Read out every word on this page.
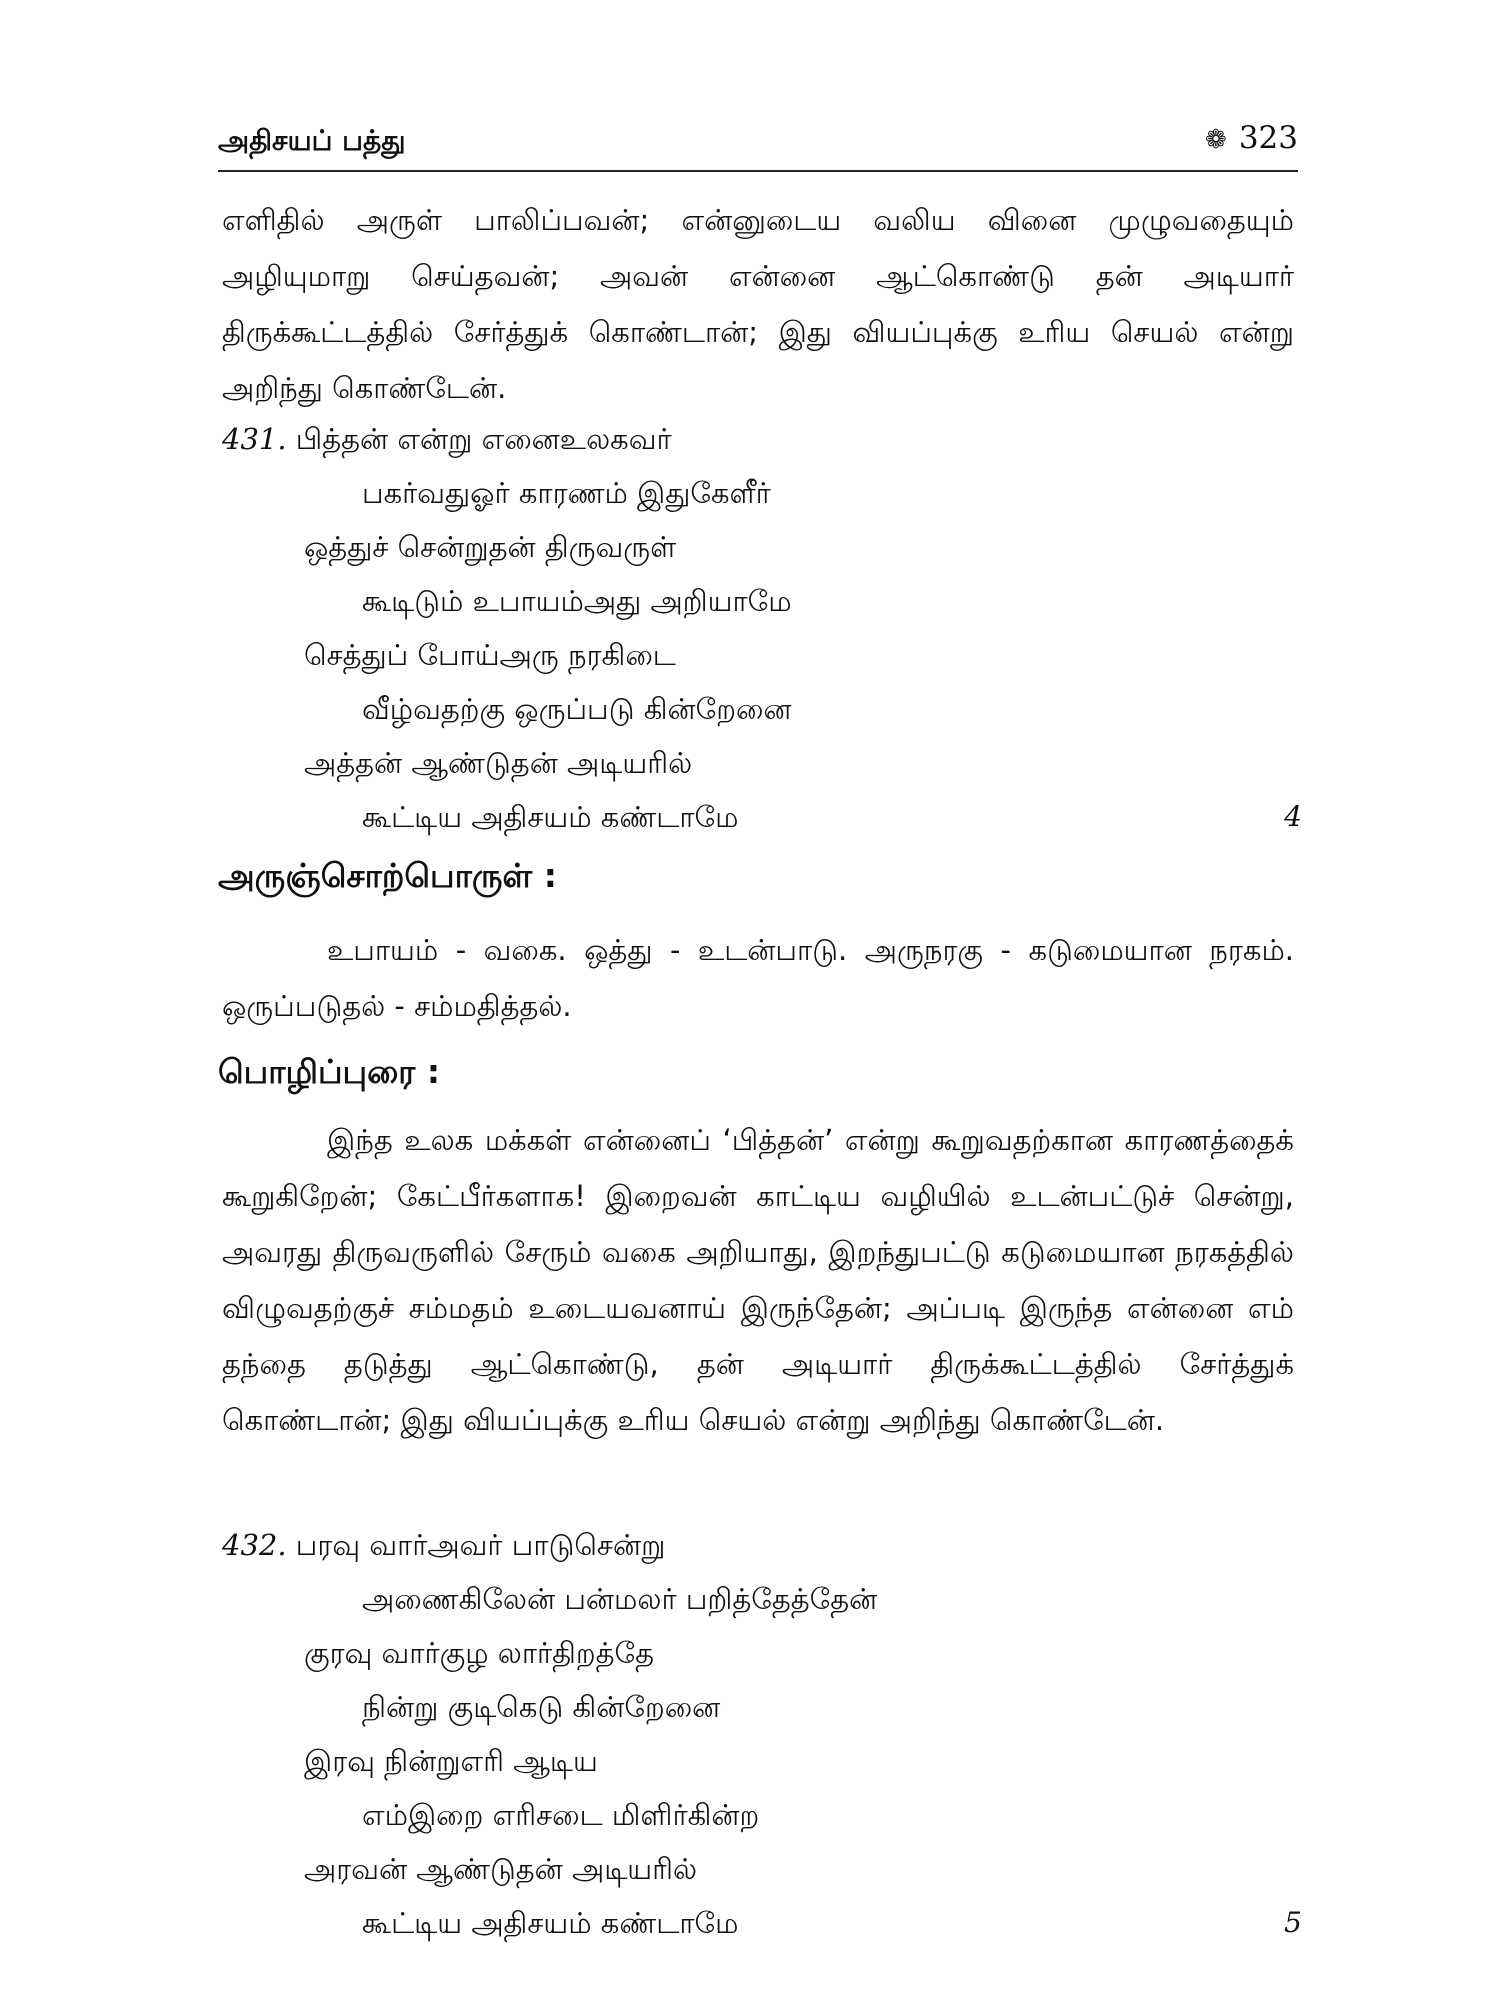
அதிசயப் பத்து	❁ 323

எளிதில் அருள் பாலிப்பவன்; என்னுடைய வலிய வினை முழுவதையும் அழியுமாறு செய்தவன்; அவன் என்னை ஆட்கொண்டு தன் அடியார் திருக்கூட்டத்தில் சேர்த்துக் கொண்டான்; இது வியப்புக்கு உரிய செயல் என்று அறிந்து கொண்டேன்.

431. பித்தன் என்று எனைஉலகவர்
பகர்வதுஓர் காரணம் இதுகேளீர்
ஒத்துச் சென்றுதன் திருவருள்
கூடிடும் உபாயம்அது அறியாமே
செத்துப் போய்அரு நரகிடை
வீழ்வதற்கு ஒருப்படு கின்றேனை
அத்தன் ஆண்டுதன் அடியரில்
கூட்டிய அதிசயம் கண்டாமே	4
அருஞ்சொற்பொருள் :

உபாயம் - வகை. ஒத்து - உடன்பாடு. அருநரகு - கடுமையான நரகம். ஒருப்படுதல் - சம்மதித்தல்.

பொழிப்புரை :

இந்த உலக மக்கள் என்னைப் ‘பித்தன்’ என்று கூறுவதற்கான காரணத்தைக் கூறுகிறேன்; கேட்பீர்களாக! இறைவன் காட்டிய வழியில் உடன்பட்டுச் சென்று, அவரது திருவருளில் சேரும் வகை அறியாது, இறந்துபட்டு கடுமையான நரகத்தில் விழுவதற்குச் சம்மதம் உடையவனாய் இருந்தேன்; அப்படி இருந்த என்னை எம் தந்தை தடுத்து ஆட்கொண்டு, தன் அடியார் திருக்கூட்டத்தில் சேர்த்துக் கொண்டான்; இது வியப்புக்கு உரிய செயல் என்று அறிந்து கொண்டேன்.

432. பரவு வார்அவர் பாடுசென்று
அணைகிலேன் பன்மலர் பறித்தேத்தேன்
குரவு வார்குழ லார்திறத்தே
நின்று குடிகெடு கின்றேனை
இரவு நின்றுஎரி ஆடிய
எம்இறை எரிசடை மிளிர்கின்ற
அரவன் ஆண்டுதன் அடியரில்
கூட்டிய அதிசயம் கண்டாமே	5
